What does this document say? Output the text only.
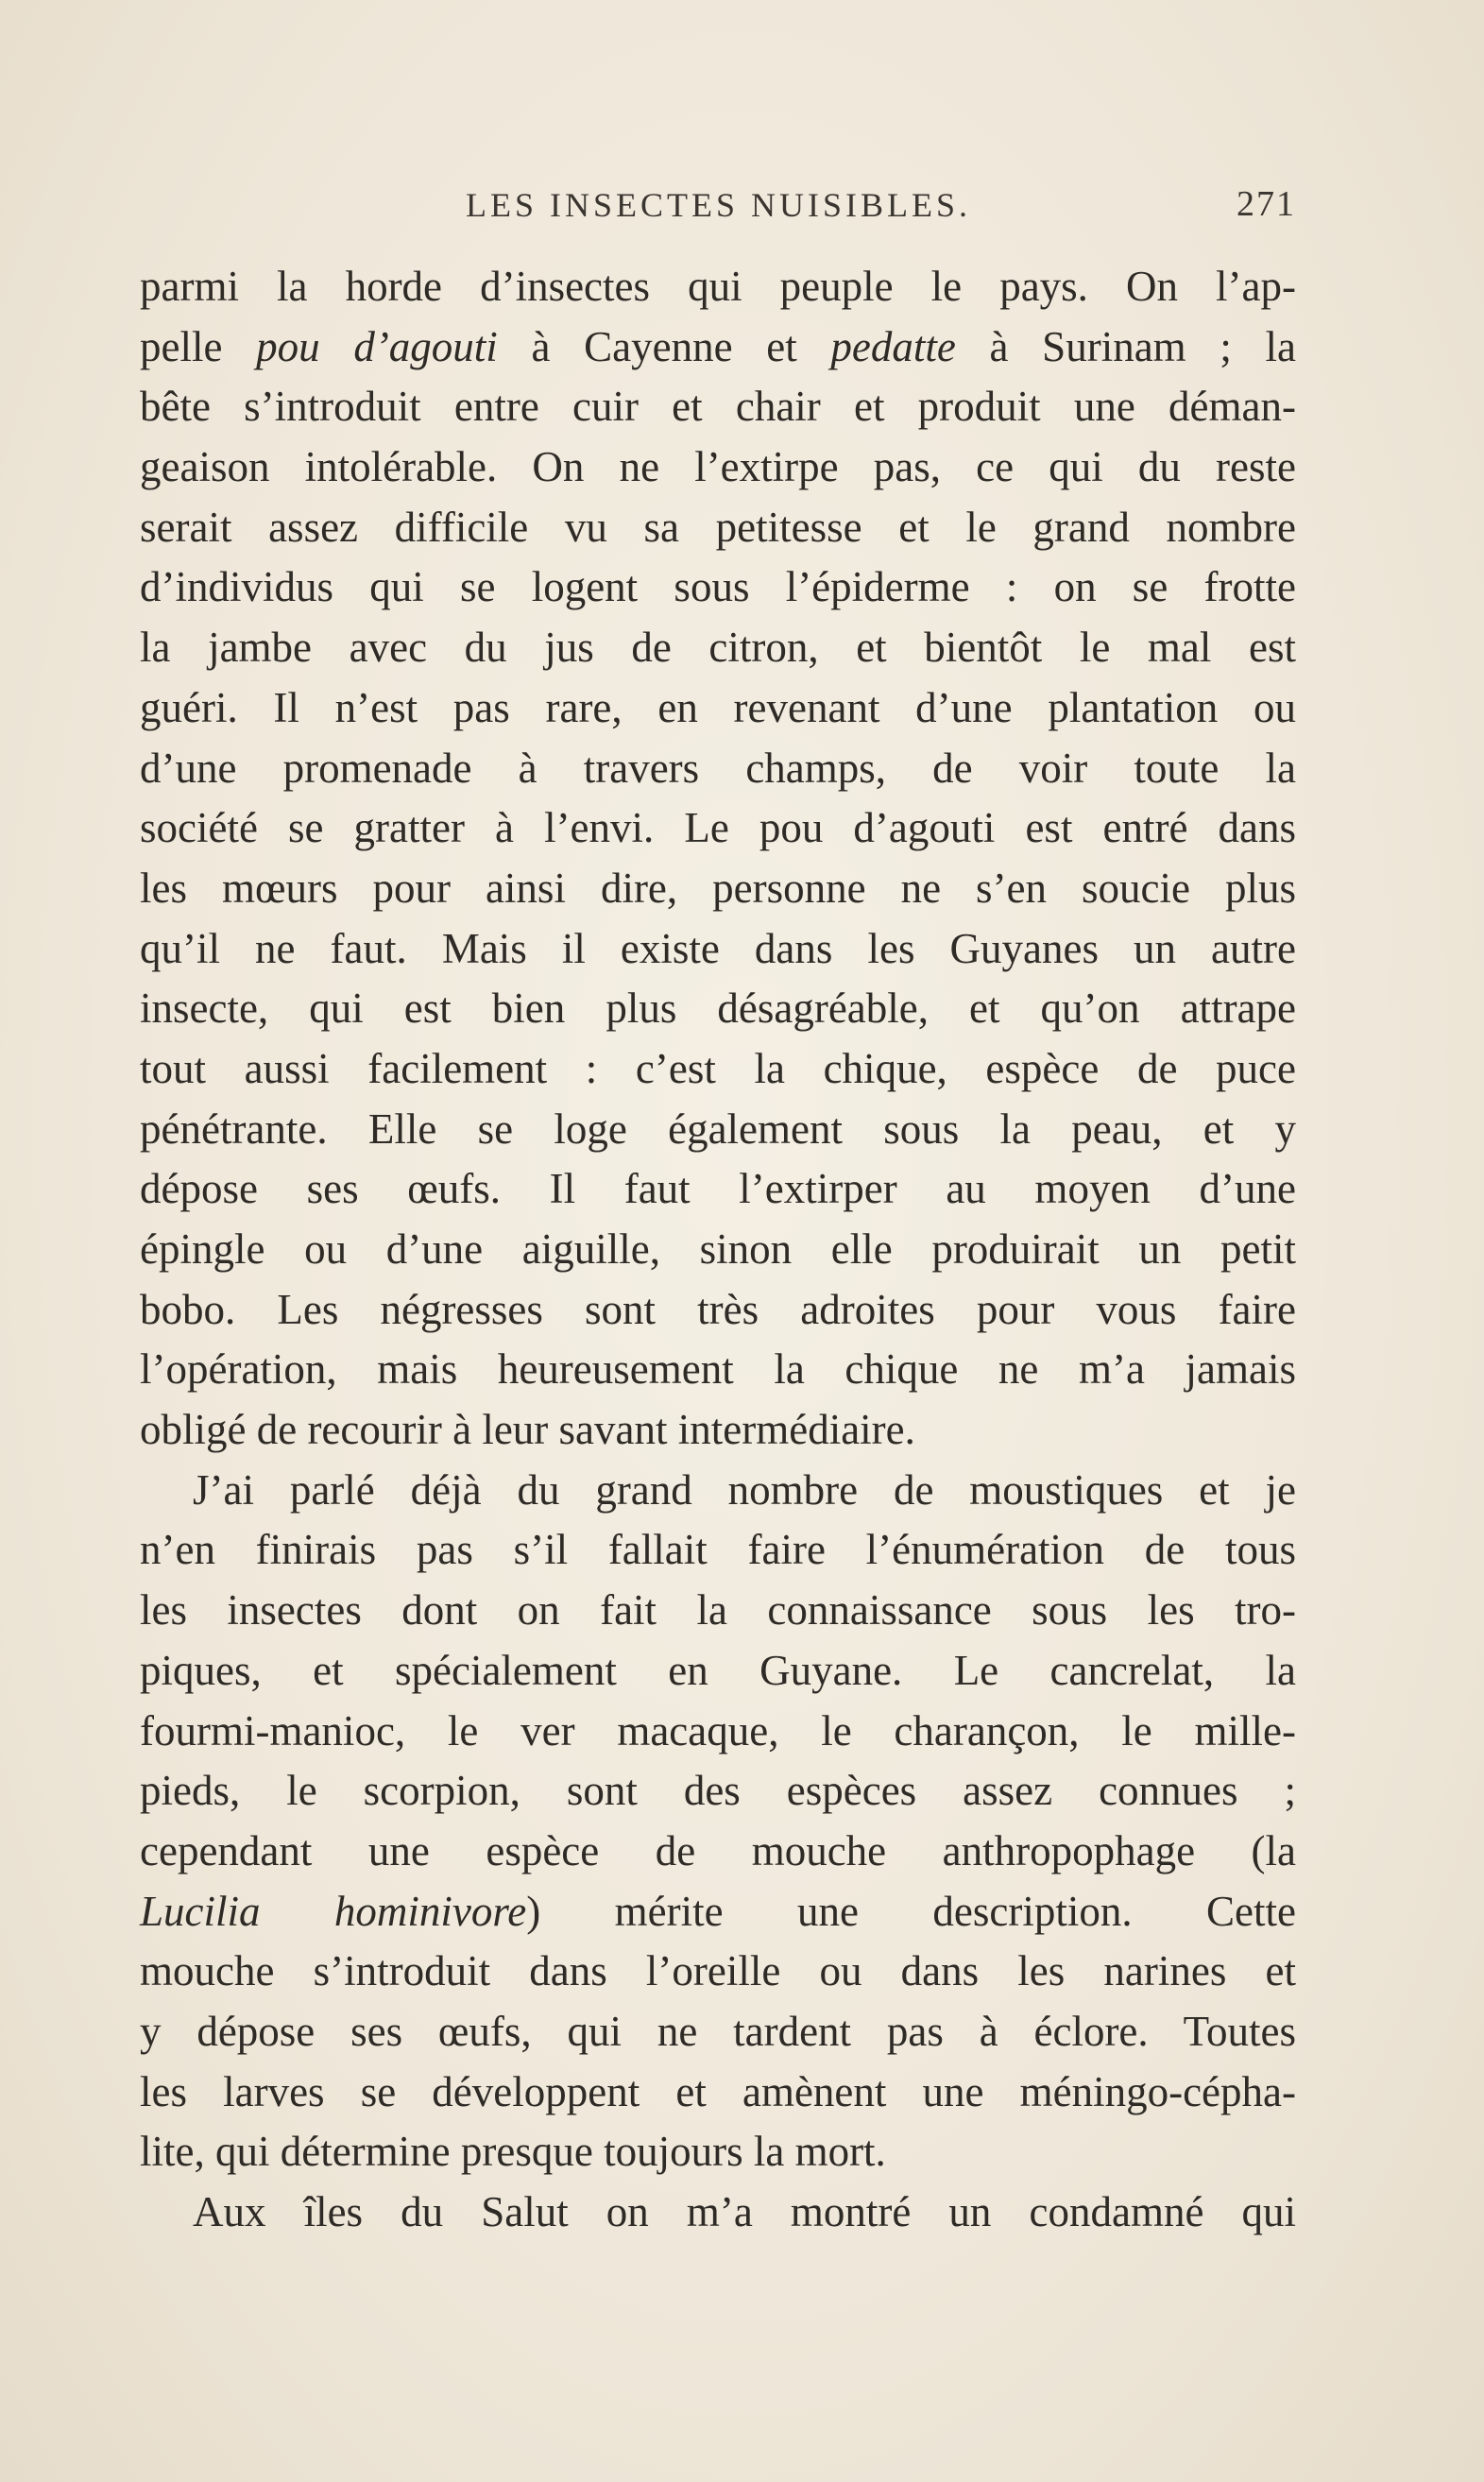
LES INSECTES NUISIBLES.	271
parmi la horde d’insectes qui peuple le pays. On l’ap-
pelle pou d’agouti à Cayenne et pedatte à Surinam ; la
bête s’introduit entre cuir et chair et produit une déman-
geaison intolérable. On ne l’extirpe pas, ce qui du reste
serait assez difficile vu sa petitesse et le grand nombre
d’individus qui se logent sous l’épiderme : on se frotte
la jambe avec du jus de citron, et bientôt le mal est
guéri. Il n’est pas rare, en revenant d’une plantation ou
d’une promenade à travers champs, de voir toute la
société se gratter à l’envi. Le pou d’agouti est entré dans
les mœurs pour ainsi dire, personne ne s’en soucie plus
qu’il ne faut. Mais il existe dans les Guyanes un autre
insecte, qui est bien plus désagréable, et qu’on attrape
tout aussi facilement : c’est la chique, espèce de puce
pénétrante. Elle se loge également sous la peau, et y
dépose ses œufs. Il faut l’extirper au moyen d’une
épingle ou d’une aiguille, sinon elle produirait un petit
bobo. Les négresses sont très adroites pour vous faire
l’opération, mais heureusement la chique ne m’a jamais
obligé de recourir à leur savant intermédiaire.
J’ai parlé déjà du grand nombre de moustiques et je
n’en finirais pas s’il fallait faire l’énumération de tous
les insectes dont on fait la connaissance sous les tro-
piques, et spécialement en Guyane. Le cancrelat, la
fourmi-manioc, le ver macaque, le charançon, le mille-
pieds, le scorpion, sont des espèces assez connues ;
cependant une espèce de mouche anthropophage (la
Lucilia hominivore) mérite une description. Cette
mouche s’introduit dans l’oreille ou dans les narines et
y dépose ses œufs, qui ne tardent pas à éclore. Toutes
les larves se développent et amènent une méningo-cépha-
lite, qui détermine presque toujours la mort.
Aux îles du Salut on m’a montré un condamné qui
